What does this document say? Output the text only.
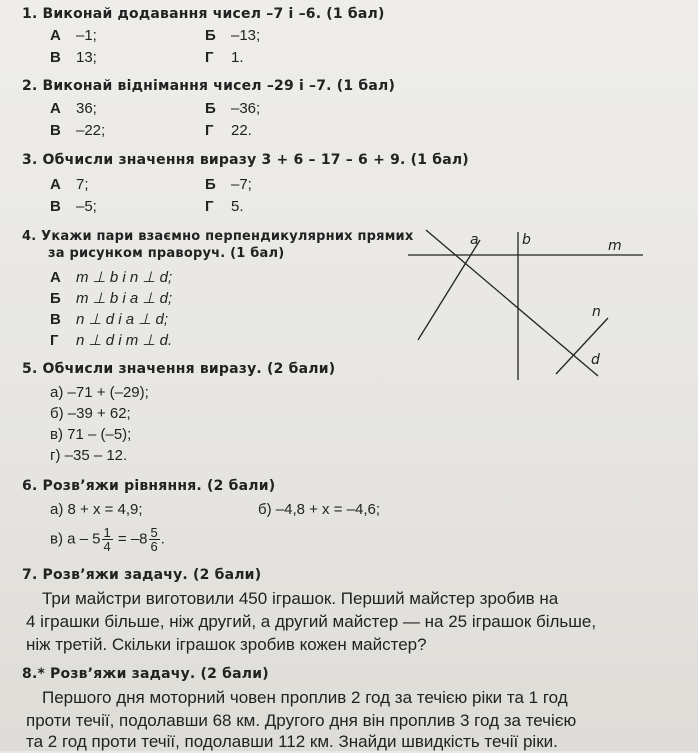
1. Виконай додавання чисел –7 і –6. (1 бал)
А –1;	Б –13;
В 13;	Г 1.
2. Виконай віднімання чисел –29 і –7. (1 бал)
А 36;	Б –36;
В –22;	Г 22.
3. Обчисли значення виразу 3 + 6 – 17 – 6 + 9. (1 бал)
А 7;	Б –7;
В –5;	Г 5.
4. Укажи пари взаємно перпендикулярних прямих
за рисунком праворуч. (1 бал)
А m ⊥ b і n ⊥ d;
Б m ⊥ b і a ⊥ d;
В n ⊥ d і a ⊥ d;
Г n ⊥ d і m ⊥ d.
a	b	m
n
d
5. Обчисли значення виразу. (2 бали)
а) –71 + (–29);
б) –39 + 62;
в) 71 – (–5);
г) –35 – 12.
6. Розв’яжи рівняння. (2 бали)
а) 8 + x = 4,9;	б) –4,8 + x = –4,6;
в) $a - 5 \frac{1}{4} = -8 \frac{5}{6}$ .
7. Розв’яжи задачу. (2 бали)
Три майстри виготовили 450 іграшок. Перший майстер зробив на
4 іграшки більше, ніж другий, а другий майстер — на 25 іграшок більше,
ніж третій. Скільки іграшок зробив кожен майстер?
8.* Розв’яжи задачу. (2 бали)
Першого дня моторний човен проплив 2 год за течією ріки та 1 год
проти течії, подолавши 68 км. Другого дня він проплив 3 год за течією
та 2 год проти течії, подолавши 112 км. Знайди швидкість течії ріки.
